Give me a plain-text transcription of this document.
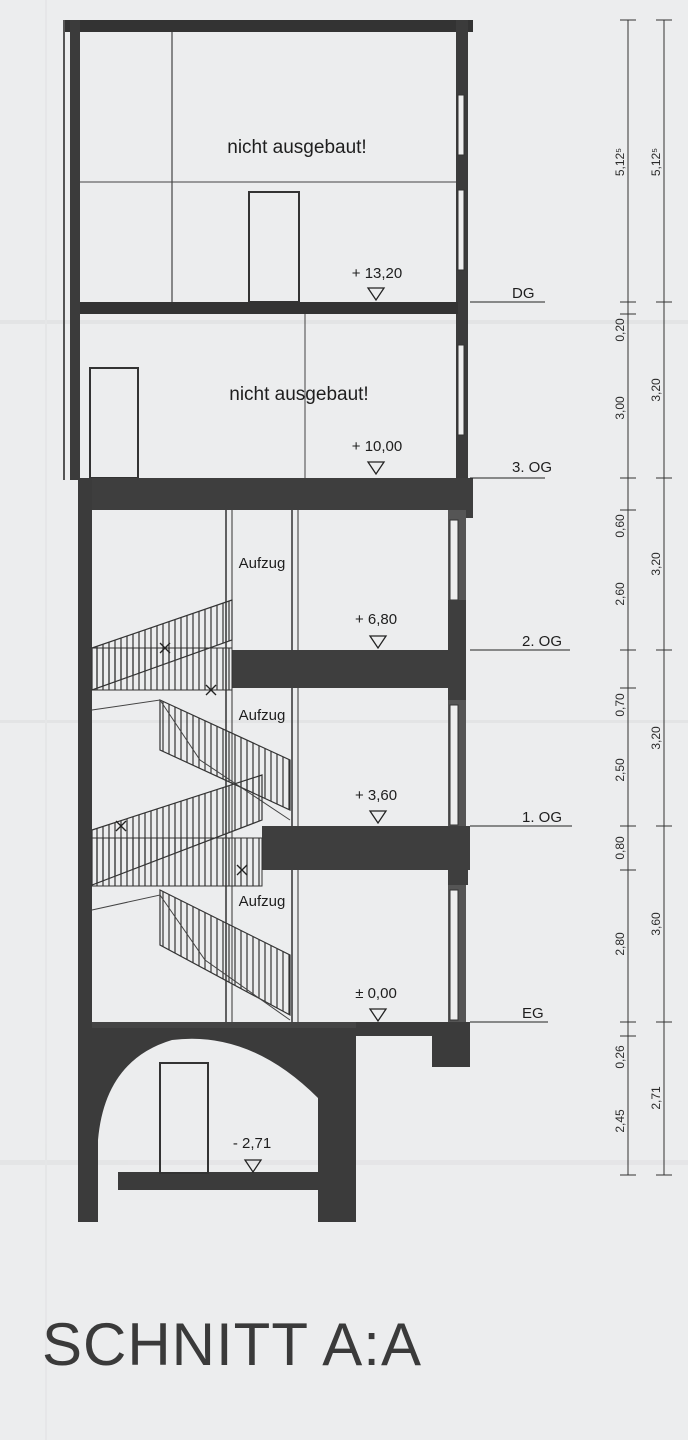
nicht ausgebaut!
nicht ausgebaut!
Aufzug
Aufzug
Aufzug
+ 13,20
+ 10,00
+ 6,80
+ 3,60
± 0,00
- 2,71
DG
3. OG
2. OG
1. OG
EG
5,12⁵
0,20
3,00
0,60
2,60
0,70
2,50
0,80
2,80
0,26
2,45
5,12⁵
3,20
3,20
3,20
3,60
2,71
SCHNITT A:A
